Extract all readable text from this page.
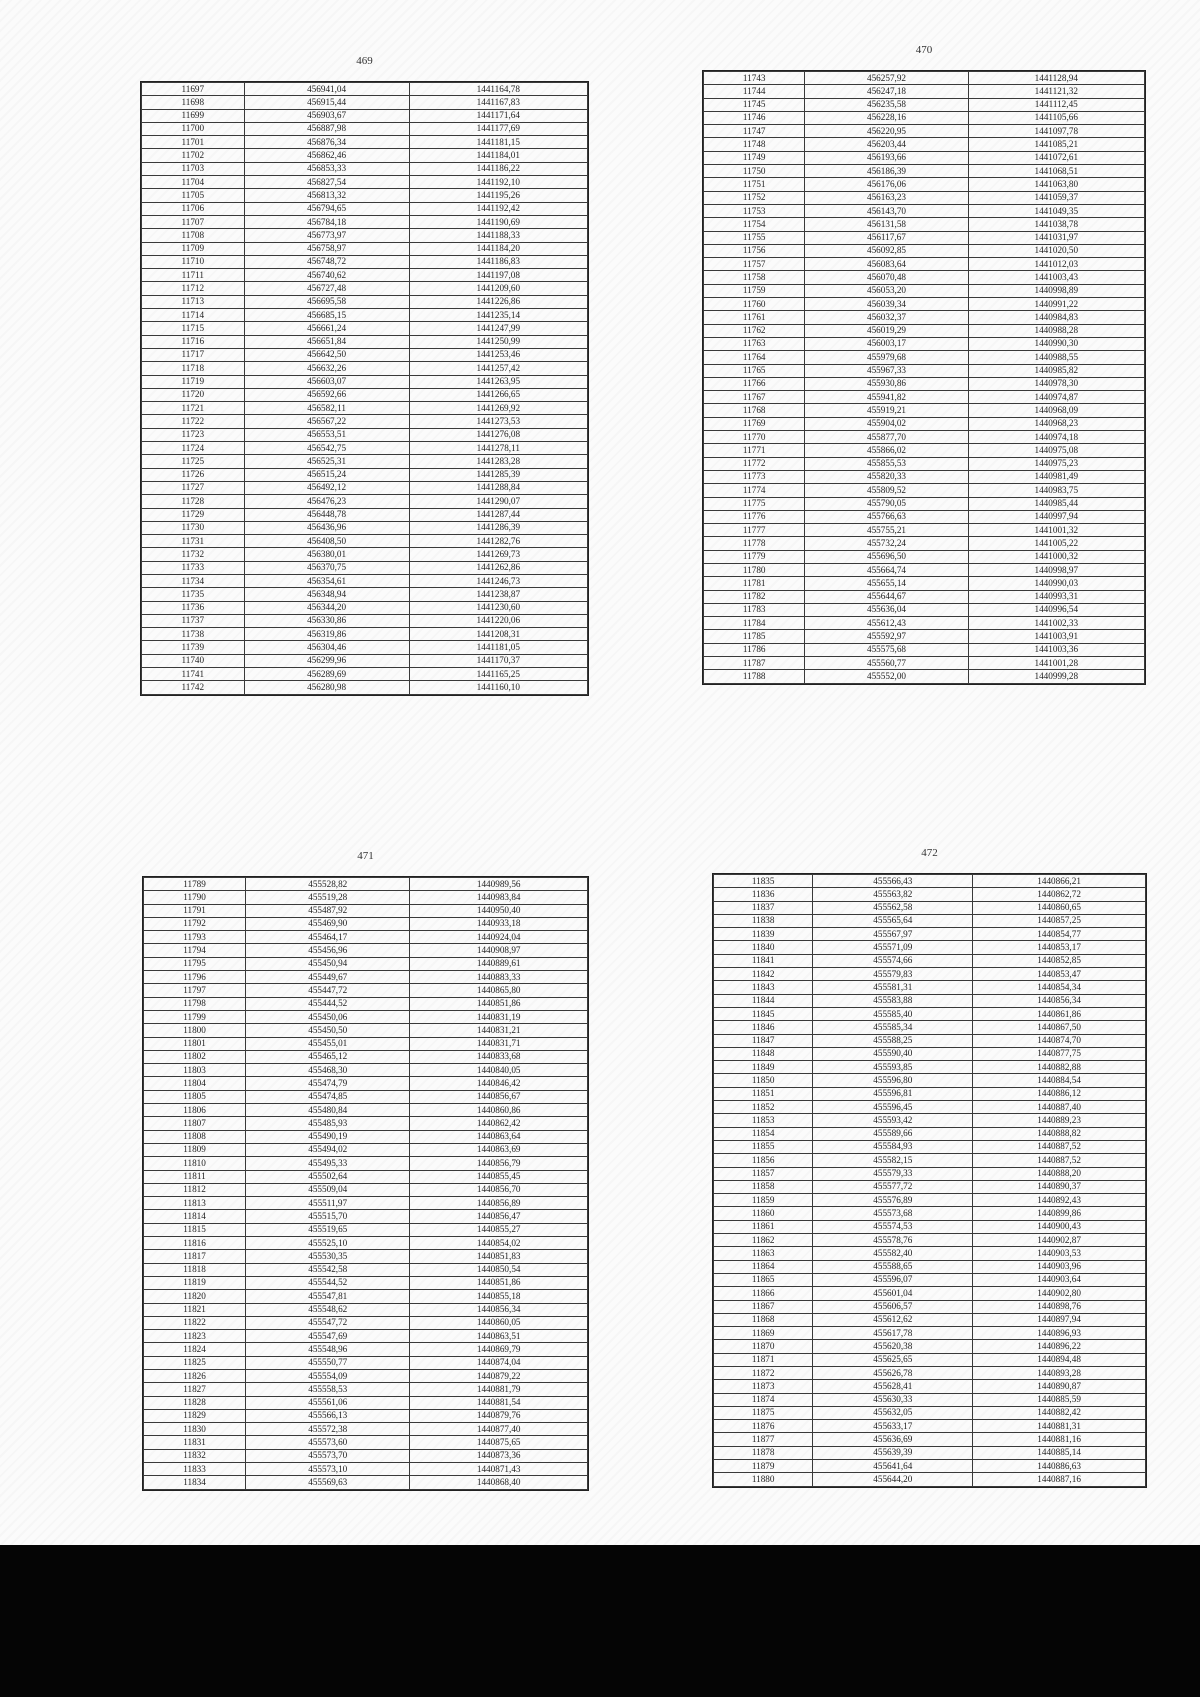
469
11697	456941,04	1441164,78
11698	456915,44	1441167,83
11699	456903,67	1441171,64
11700	456887,98	1441177,69
11701	456876,34	1441181,15
11702	456862,46	1441184,01
11703	456853,33	1441186,22
11704	456827,54	1441192,10
11705	456813,32	1441195,26
11706	456794,65	1441192,42
11707	456784,18	1441190,69
11708	456773,97	1441188,33
11709	456758,97	1441184,20
11710	456748,72	1441186,83
11711	456740,62	1441197,08
11712	456727,48	1441209,60
11713	456695,58	1441226,86
11714	456685,15	1441235,14
11715	456661,24	1441247,99
11716	456651,84	1441250,99
11717	456642,50	1441253,46
11718	456632,26	1441257,42
11719	456603,07	1441263,95
11720	456592,66	1441266,65
11721	456582,11	1441269,92
11722	456567,22	1441273,53
11723	456553,51	1441276,08
11724	456542,75	1441278,11
11725	456525,31	1441283,28
11726	456515,24	1441285,39
11727	456492,12	1441288,84
11728	456476,23	1441290,07
11729	456448,78	1441287,44
11730	456436,96	1441286,39
11731	456408,50	1441282,76
11732	456380,01	1441269,73
11733	456370,75	1441262,86
11734	456354,61	1441246,73
11735	456348,94	1441238,87
11736	456344,20	1441230,60
11737	456330,86	1441220,06
11738	456319,86	1441208,31
11739	456304,46	1441181,05
11740	456299,96	1441170,37
11741	456289,69	1441165,25
11742	456280,98	1441160,10
470
11743	456257,92	1441128,94
11744	456247,18	1441121,32
11745	456235,58	1441112,45
11746	456228,16	1441105,66
11747	456220,95	1441097,78
11748	456203,44	1441085,21
11749	456193,66	1441072,61
11750	456186,39	1441068,51
11751	456176,06	1441063,80
11752	456163,23	1441059,37
11753	456143,70	1441049,35
11754	456131,58	1441038,78
11755	456117,67	1441031,97
11756	456092,85	1441020,50
11757	456083,64	1441012,03
11758	456070,48	1441003,43
11759	456053,20	1440998,89
11760	456039,34	1440991,22
11761	456032,37	1440984,83
11762	456019,29	1440988,28
11763	456003,17	1440990,30
11764	455979,68	1440988,55
11765	455967,33	1440985,82
11766	455930,86	1440978,30
11767	455941,82	1440974,87
11768	455919,21	1440968,09
11769	455904,02	1440968,23
11770	455877,70	1440974,18
11771	455866,02	1440975,08
11772	455855,53	1440975,23
11773	455820,33	1440981,49
11774	455809,52	1440983,75
11775	455790,05	1440985,44
11776	455766,63	1440997,94
11777	455755,21	1441001,32
11778	455732,24	1441005,22
11779	455696,50	1441000,32
11780	455664,74	1440998,97
11781	455655,14	1440990,03
11782	455644,67	1440993,31
11783	455636,04	1440996,54
11784	455612,43	1441002,33
11785	455592,97	1441003,91
11786	455575,68	1441003,36
11787	455560,77	1441001,28
11788	455552,00	1440999,28
471
11789	455528,82	1440989,56
11790	455519,28	1440983,84
11791	455487,92	1440950,40
11792	455469,90	1440933,18
11793	455464,17	1440924,04
11794	455456,96	1440908,97
11795	455450,94	1440889,61
11796	455449,67	1440883,33
11797	455447,72	1440865,80
11798	455444,52	1440851,86
11799	455450,06	1440831,19
11800	455450,50	1440831,21
11801	455455,01	1440831,71
11802	455465,12	1440833,68
11803	455468,30	1440840,05
11804	455474,79	1440846,42
11805	455474,85	1440856,67
11806	455480,84	1440860,86
11807	455485,93	1440862,42
11808	455490,19	1440863,64
11809	455494,02	1440863,69
11810	455495,33	1440856,79
11811	455502,64	1440855,45
11812	455509,04	1440856,70
11813	455511,97	1440856,89
11814	455515,70	1440856,47
11815	455519,65	1440855,27
11816	455525,10	1440854,02
11817	455530,35	1440851,83
11818	455542,58	1440850,54
11819	455544,52	1440851,86
11820	455547,81	1440855,18
11821	455548,62	1440856,34
11822	455547,72	1440860,05
11823	455547,69	1440863,51
11824	455548,96	1440869,79
11825	455550,77	1440874,04
11826	455554,09	1440879,22
11827	455558,53	1440881,79
11828	455561,06	1440881,54
11829	455566,13	1440879,76
11830	455572,38	1440877,40
11831	455573,60	1440875,65
11832	455573,70	1440873,36
11833	455573,10	1440871,43
11834	455569,63	1440868,40
472
11835	455566,43	1440866,21
11836	455563,82	1440862,72
11837	455562,58	1440860,65
11838	455565,64	1440857,25
11839	455567,97	1440854,77
11840	455571,09	1440853,17
11841	455574,66	1440852,85
11842	455579,83	1440853,47
11843	455581,31	1440854,34
11844	455583,88	1440856,34
11845	455585,40	1440861,86
11846	455585,34	1440867,50
11847	455588,25	1440874,70
11848	455590,40	1440877,75
11849	455593,85	1440882,88
11850	455596,80	1440884,54
11851	455596,81	1440886,12
11852	455596,45	1440887,40
11853	455593,42	1440889,23
11854	455589,66	1440888,82
11855	455584,93	1440887,52
11856	455582,15	1440887,52
11857	455579,33	1440888,20
11858	455577,72	1440890,37
11859	455576,89	1440892,43
11860	455573,68	1440899,86
11861	455574,53	1440900,43
11862	455578,76	1440902,87
11863	455582,40	1440903,53
11864	455588,65	1440903,96
11865	455596,07	1440903,64
11866	455601,04	1440902,80
11867	455606,57	1440898,76
11868	455612,62	1440897,94
11869	455617,78	1440896,93
11870	455620,38	1440896,22
11871	455625,65	1440894,48
11872	455626,78	1440893,28
11873	455628,41	1440890,87
11874	455630,33	1440885,59
11875	455632,05	1440882,42
11876	455633,17	1440881,31
11877	455636,69	1440881,16
11878	455639,39	1440885,14
11879	455641,64	1440886,63
11880	455644,20	1440887,16
